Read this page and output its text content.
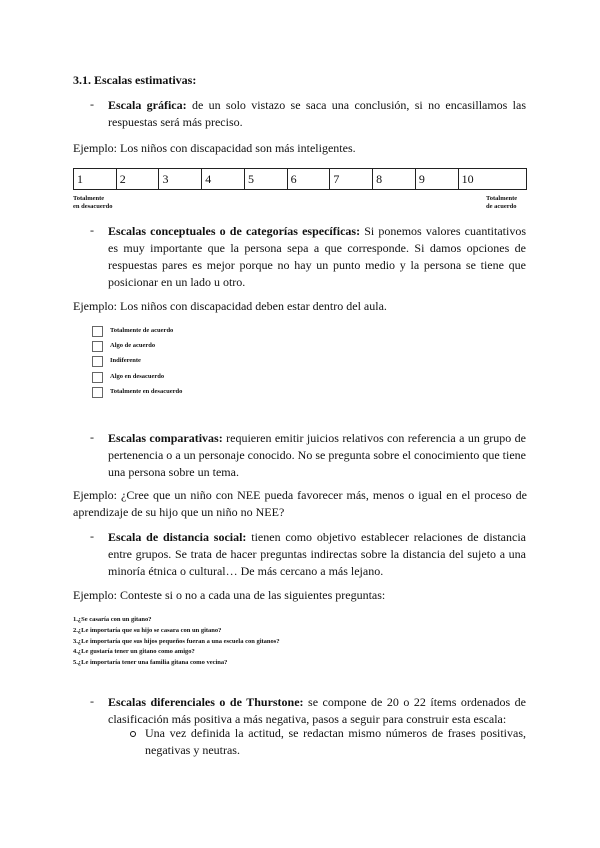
3.1. Escalas estimativas:
- Escala gráfica: de un solo vistazo se saca una conclusión, si no encasillamos las respuestas será más preciso.
Ejemplo: Los niños con discapacidad son más inteligentes.
1	2	3	4	5	6	7	8	9	10
Totalmente
en desacuerdo
Totalmente
de acuerdo
- Escalas conceptuales o de categorías específicas: Si ponemos valores cuantitativos es muy importante que la persona sepa a que corresponde. Si damos opciones de respuestas pares es mejor porque no hay un punto medio y la persona se tiene que posicionar en un lado u otro.
Ejemplo: Los niños con discapacidad deben estar dentro del aula.
Totalmente de acuerdo
Algo de acuerdo
Indiferente
Algo en desacuerdo
Totalmente en desacuerdo
- Escalas comparativas: requieren emitir juicios relativos con referencia a un grupo de pertenencia o a un personaje conocido. No se pregunta sobre el conocimiento que tiene una persona sobre un tema.
Ejemplo: ¿Cree que un niño con NEE pueda favorecer más, menos o igual en el proceso de aprendizaje de su hijo que un niño no NEE?
- Escala de distancia social: tienen como objetivo establecer relaciones de distancia entre grupos. Se trata de hacer preguntas indirectas sobre la distancia del sujeto a una minoría étnica o cultural… De más cercano a más lejano.
Ejemplo: Conteste si o no a cada una de las siguientes preguntas:
1.¿Se casaría con un gitano?
2.¿Le importaría que su hijo se casara con un gitano?
3.¿Le importaría que sus hijos pequeños fueran a una escuela con gitanos?
4.¿Le gustaría tener un gitano como amigo?
5.¿Le importaría tener una familia gitana como vecina?
- Escalas diferenciales o de Thurstone: se compone de 20 o 22 ítems ordenados de clasificación más positiva a más negativa, pasos a seguir para construir esta escala:
Una vez definida la actitud, se redactan mismo números de frases positivas, negativas y neutras.
